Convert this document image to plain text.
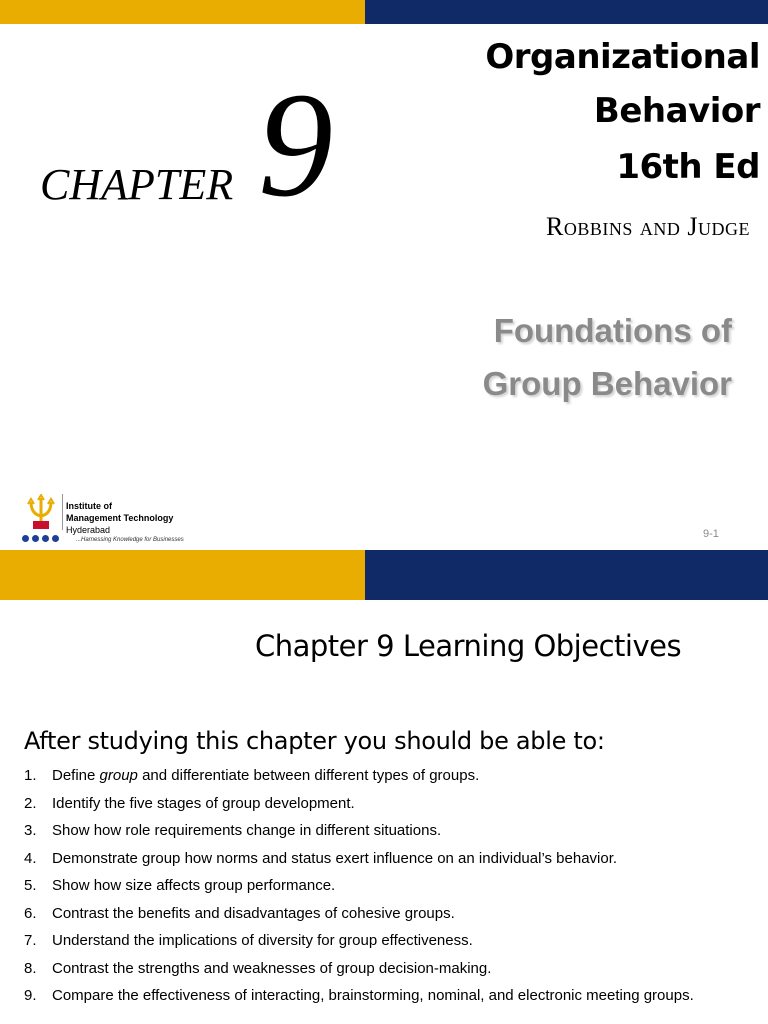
CHAPTER 9
Organizational
Behavior
16th Ed
Robbins and Judge
Foundations of
Group Behavior
Institute of
Management Technology
Hyderabad
...Harnessing Knowledge for Businesses	9-1
Chapter 9 Learning Objectives
After studying this chapter you should be able to:
1. Define group and differentiate between different types of groups.
2. Identify the five stages of group development.
3. Show how role requirements change in different situations.
4. Demonstrate group how norms and status exert influence on an individual’s behavior.
5. Show how size affects group performance.
6. Contrast the benefits and disadvantages of cohesive groups.
7. Understand the implications of diversity for group effectiveness.
8. Contrast the strengths and weaknesses of group decision-making.
9. Compare the effectiveness of interacting, brainstorming, nominal, and electronic meeting groups.
